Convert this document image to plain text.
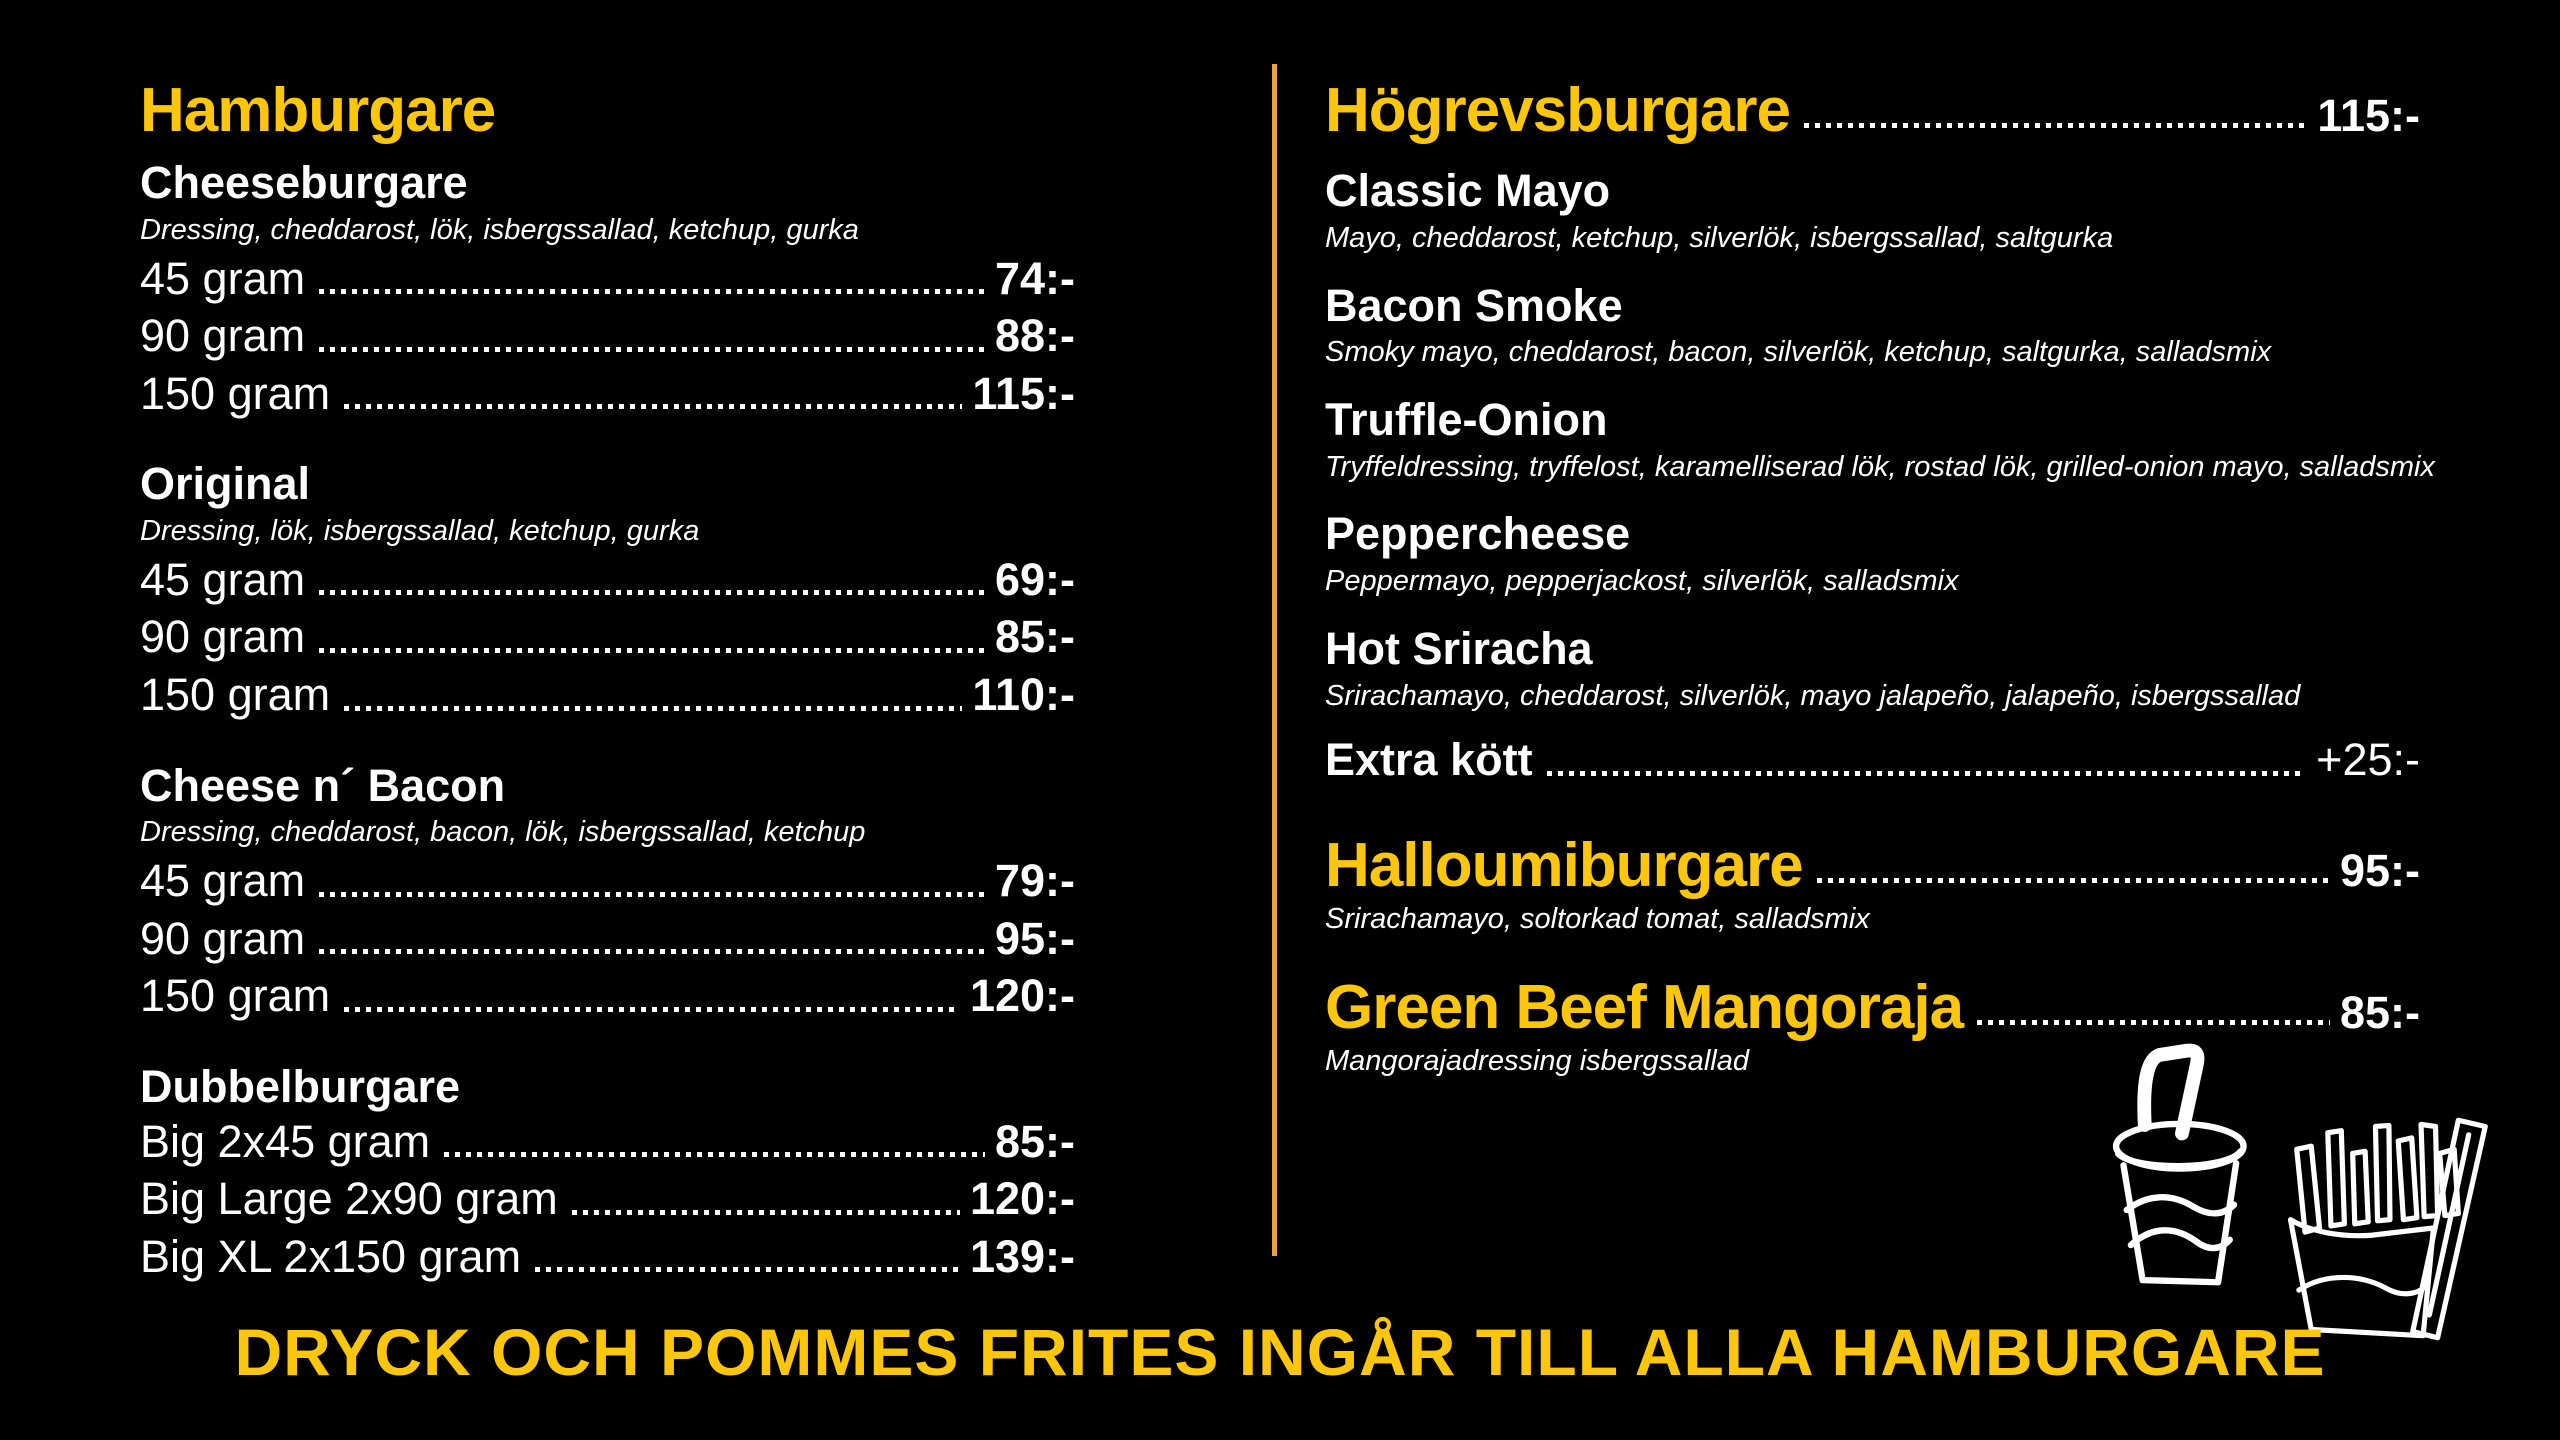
Hamburgare
Cheeseburgare

Dressing, cheddarost, lök, isbergssallad, ketchup, gurka

45 gram	74:-
90 gram	88:-
150 gram	115:-
Original

Dressing, lök, isbergssallad, ketchup, gurka

45 gram	69:-
90 gram	85:-
150 gram	110:-
Cheese n´ Bacon

Dressing, cheddarost, bacon, lök, isbergssallad, ketchup

45 gram	79:-
90 gram	95:-
150 gram	120:-
Dubbelburgare
Big 2x45 gram	85:-
Big Large 2x90 gram	120:-
Big XL 2x150 gram	139:-
Högrevsburgare	115:-
Classic Mayo

Mayo, cheddarost, ketchup, silverlök, isbergssallad, saltgurka

Bacon Smoke

Smoky mayo, cheddarost, bacon, silverlök, ketchup, saltgurka, salladsmix

Truffle-Onion

Tryffeldressing, tryffelost, karamelliserad lök, rostad lök, grilled-onion mayo, salladsmix

Peppercheese

Peppermayo, pepperjackost, silverlök, salladsmix

Hot Sriracha

Srirachamayo, cheddarost, silverlök, mayo jalapeño, jalapeño, isbergssallad

Extra kött	+25:-
Halloumiburgare	95:-

Srirachamayo, soltorkad tomat, salladsmix

Green Beef Mangoraja	85:-

Mangorajadressing isbergssallad

DRYCK OCH POMMES FRITES INGÅR TILL ALLA HAMBURGARE
